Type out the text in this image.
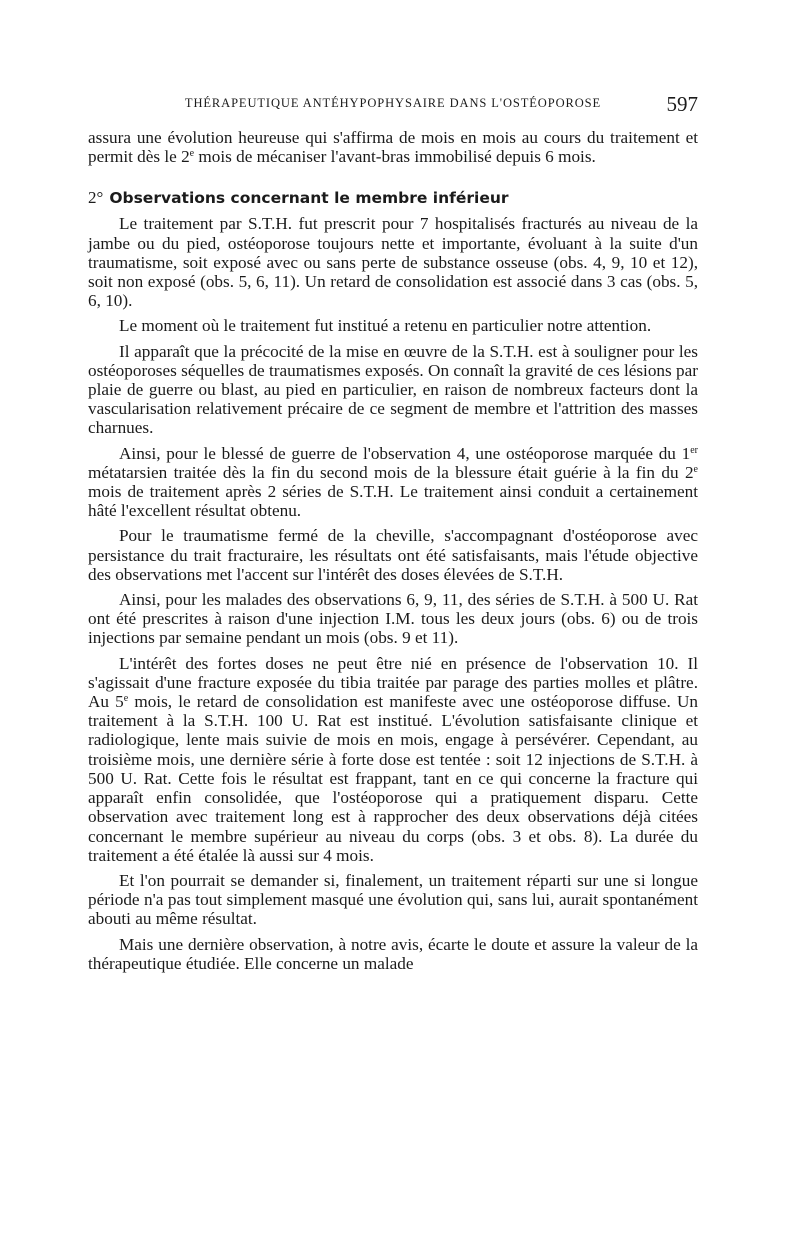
THÉRAPEUTIQUE ANTÉHYPOPHYSAIRE DANS L'OSTÉOPOROSE	597

assura une évolution heureuse qui s'affirma de mois en mois au cours du traitement et permit dès le 2e mois de mécaniser l'avant-bras immobilisé depuis 6 mois.

2° Observations concernant le membre inférieur

Le traitement par S.T.H. fut prescrit pour 7 hospitalisés fracturés au niveau de la jambe ou du pied, ostéoporose toujours nette et importante, évoluant à la suite d'un traumatisme, soit exposé avec ou sans perte de substance osseuse (obs. 4, 9, 10 et 12), soit non exposé (obs. 5, 6, 11). Un retard de consolidation est associé dans 3 cas (obs. 5, 6, 10).

Le moment où le traitement fut institué a retenu en particulier notre attention.

Il apparaît que la précocité de la mise en œuvre de la S.T.H. est à souligner pour les ostéoporoses séquelles de traumatismes exposés. On connaît la gravité de ces lésions par plaie de guerre ou blast, au pied en particulier, en raison de nombreux facteurs dont la vascularisation relativement précaire de ce segment de membre et l'attrition des masses charnues.

Ainsi, pour le blessé de guerre de l'observation 4, une ostéoporose marquée du 1er métatarsien traitée dès la fin du second mois de la blessure était guérie à la fin du 2e mois de traitement après 2 séries de S.T.H. Le traitement ainsi conduit a certainement hâté l'excellent résultat obtenu.

Pour le traumatisme fermé de la cheville, s'accompagnant d'ostéoporose avec persistance du trait fracturaire, les résultats ont été satisfaisants, mais l'étude objective des observations met l'accent sur l'intérêt des doses élevées de S.T.H.

Ainsi, pour les malades des observations 6, 9, 11, des séries de S.T.H. à 500 U. Rat ont été prescrites à raison d'une injection I.M. tous les deux jours (obs. 6) ou de trois injections par semaine pendant un mois (obs. 9 et 11).

L'intérêt des fortes doses ne peut être nié en présence de l'observation 10. Il s'agissait d'une fracture exposée du tibia traitée par parage des parties molles et plâtre. Au 5e mois, le retard de consolidation est manifeste avec une ostéoporose diffuse. Un traitement à la S.T.H. 100 U. Rat est institué. L'évolution satisfaisante clinique et radiologique, lente mais suivie de mois en mois, engage à persévérer. Cependant, au troisième mois, une dernière série à forte dose est tentée : soit 12 injections de S.T.H. à 500 U. Rat. Cette fois le résultat est frappant, tant en ce qui concerne la fracture qui apparaît enfin consolidée, que l'ostéoporose qui a pratiquement disparu. Cette observation avec traitement long est à rapprocher des deux observations déjà citées concernant le membre supérieur au niveau du corps (obs. 3 et obs. 8). La durée du traitement a été étalée là aussi sur 4 mois.

Et l'on pourrait se demander si, finalement, un traitement réparti sur une si longue période n'a pas tout simplement masqué une évolution qui, sans lui, aurait spontanément abouti au même résultat.

Mais une dernière observation, à notre avis, écarte le doute et assure la valeur de la thérapeutique étudiée. Elle concerne un malade
